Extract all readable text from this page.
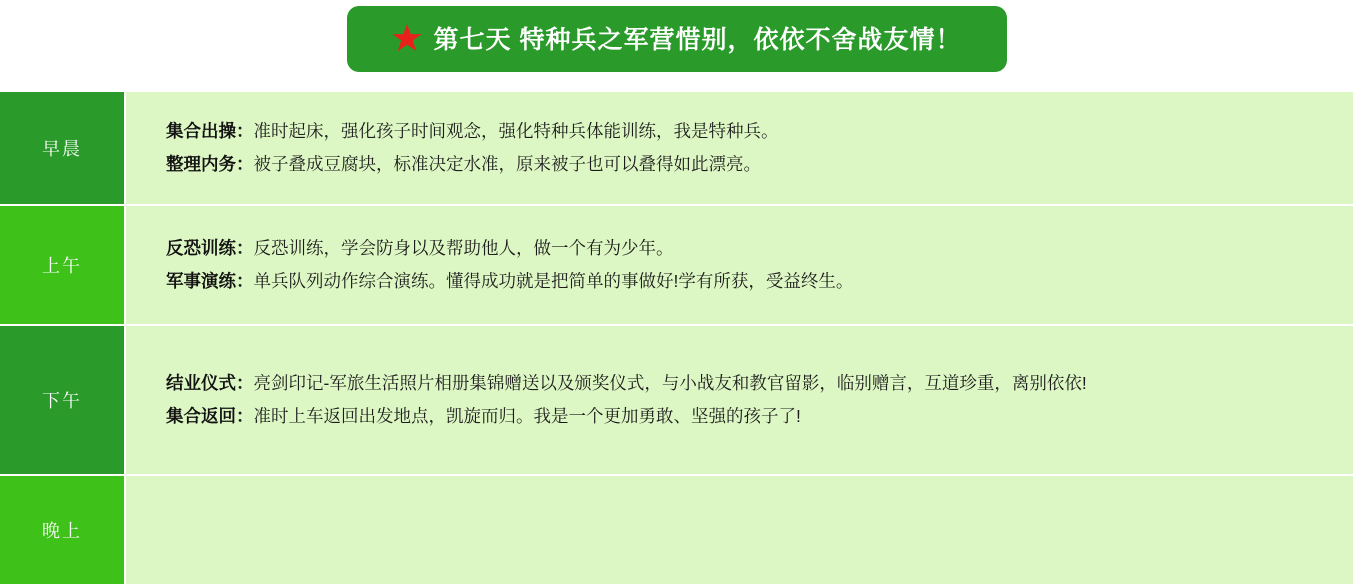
第七天 特种兵之军营惜别，依依不舍战友情！
早晨	集合出操：准时起床，强化孩子时间观念，强化特种兵体能训练，我是特种兵。
整理内务：被子叠成豆腐块，标准决定水准，原来被子也可以叠得如此漂亮。

上午	反恐训练：反恐训练，学会防身以及帮助他人，做一个有为少年。
军事演练：单兵队列动作综合演练。懂得成功就是把简单的事做好!学有所获，受益终生。

下午	结业仪式：亮剑印记-军旅生活照片相册集锦赠送以及颁奖仪式，与小战友和教官留影，临别赠言，互道珍重，离别依依!
集合返回：准时上车返回出发地点，凯旋而归。我是一个更加勇敢、坚强的孩子了!

晚上	
